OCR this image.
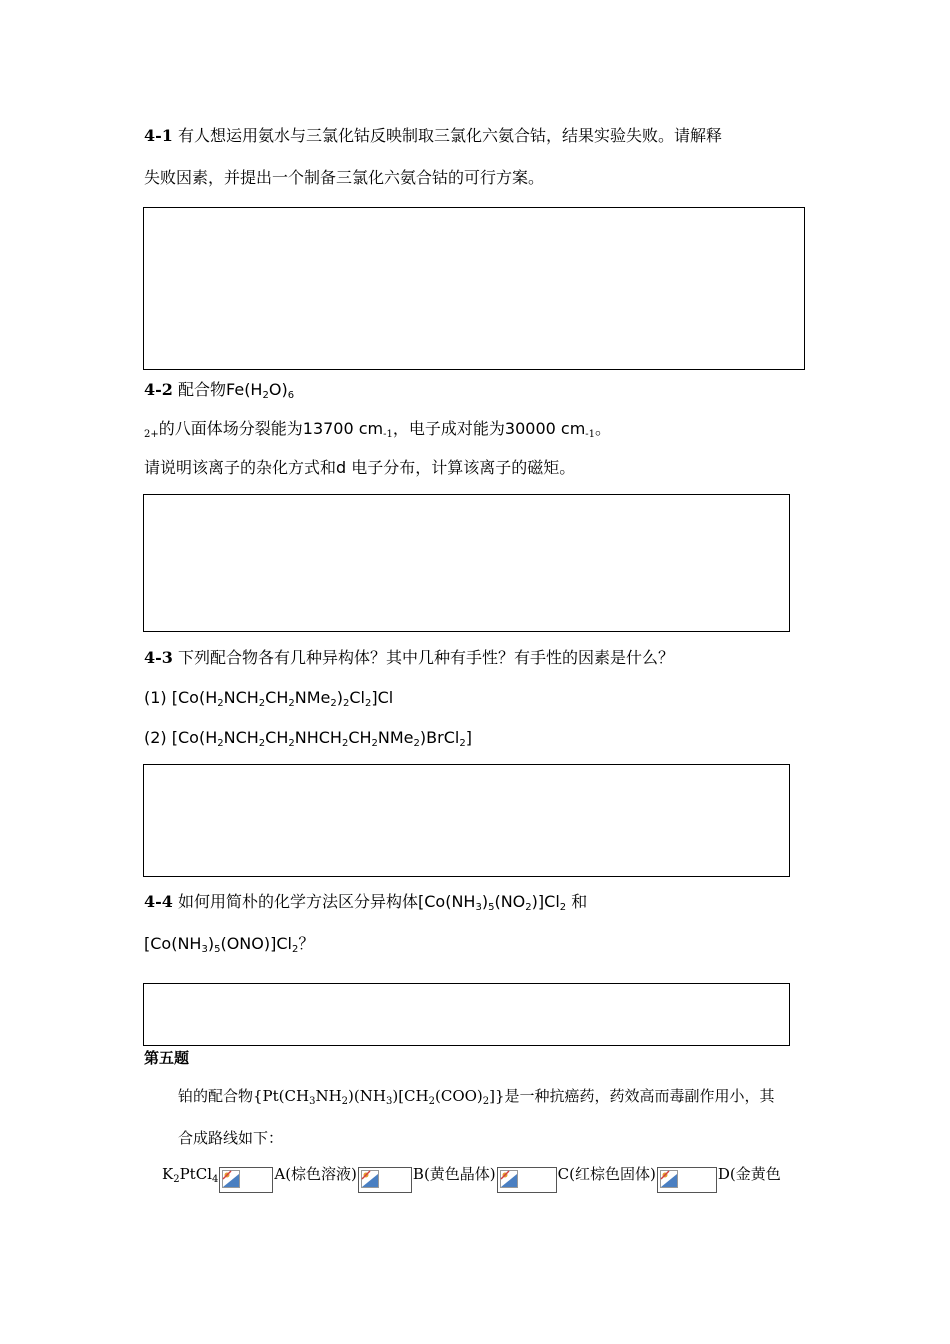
4-1 有人想运用氨水与三氯化钴反映制取三氯化六氨合钴，结果实验失败。请解释
失败因素，并提出一个制备三氯化六氨合钴的可行方案。
4-2 配合物$Fe(H_2O)_6$
2+的八面体场分裂能为13700 $cm_{-1}$，电子成对能为30000 $cm_{-1}$。
请说明该离子的杂化方式和d 电子分布，计算该离子的磁矩。
4-3 下列配合物各有几种异构体？其中几种有手性？有手性的因素是什么？
(1) $[Co(H_2NCH_2CH_2NMe_2)_2Cl_2]Cl$
(2) $[Co(H_2NCH_2CH_2NHCH_2CH_2NMe_2)BrCl_2]$
4-4 如何用简朴的化学方法区分异构体$[Co(NH_3)_5(NO_2)]Cl_2$ 和
$[Co(NH_3)_5(ONO)]Cl_2$？
第五题
铂的配合物$\{Pt(CH_3NH_2)(NH_3)[CH_2(COO)_2]\}$是一种抗癌药，药效高而毒副作用小，其
合成路线如下：
$K_2PtCl_4$	A(棕色溶液)	B(黄色晶体)	C(红棕色固体)	D(金黄色
